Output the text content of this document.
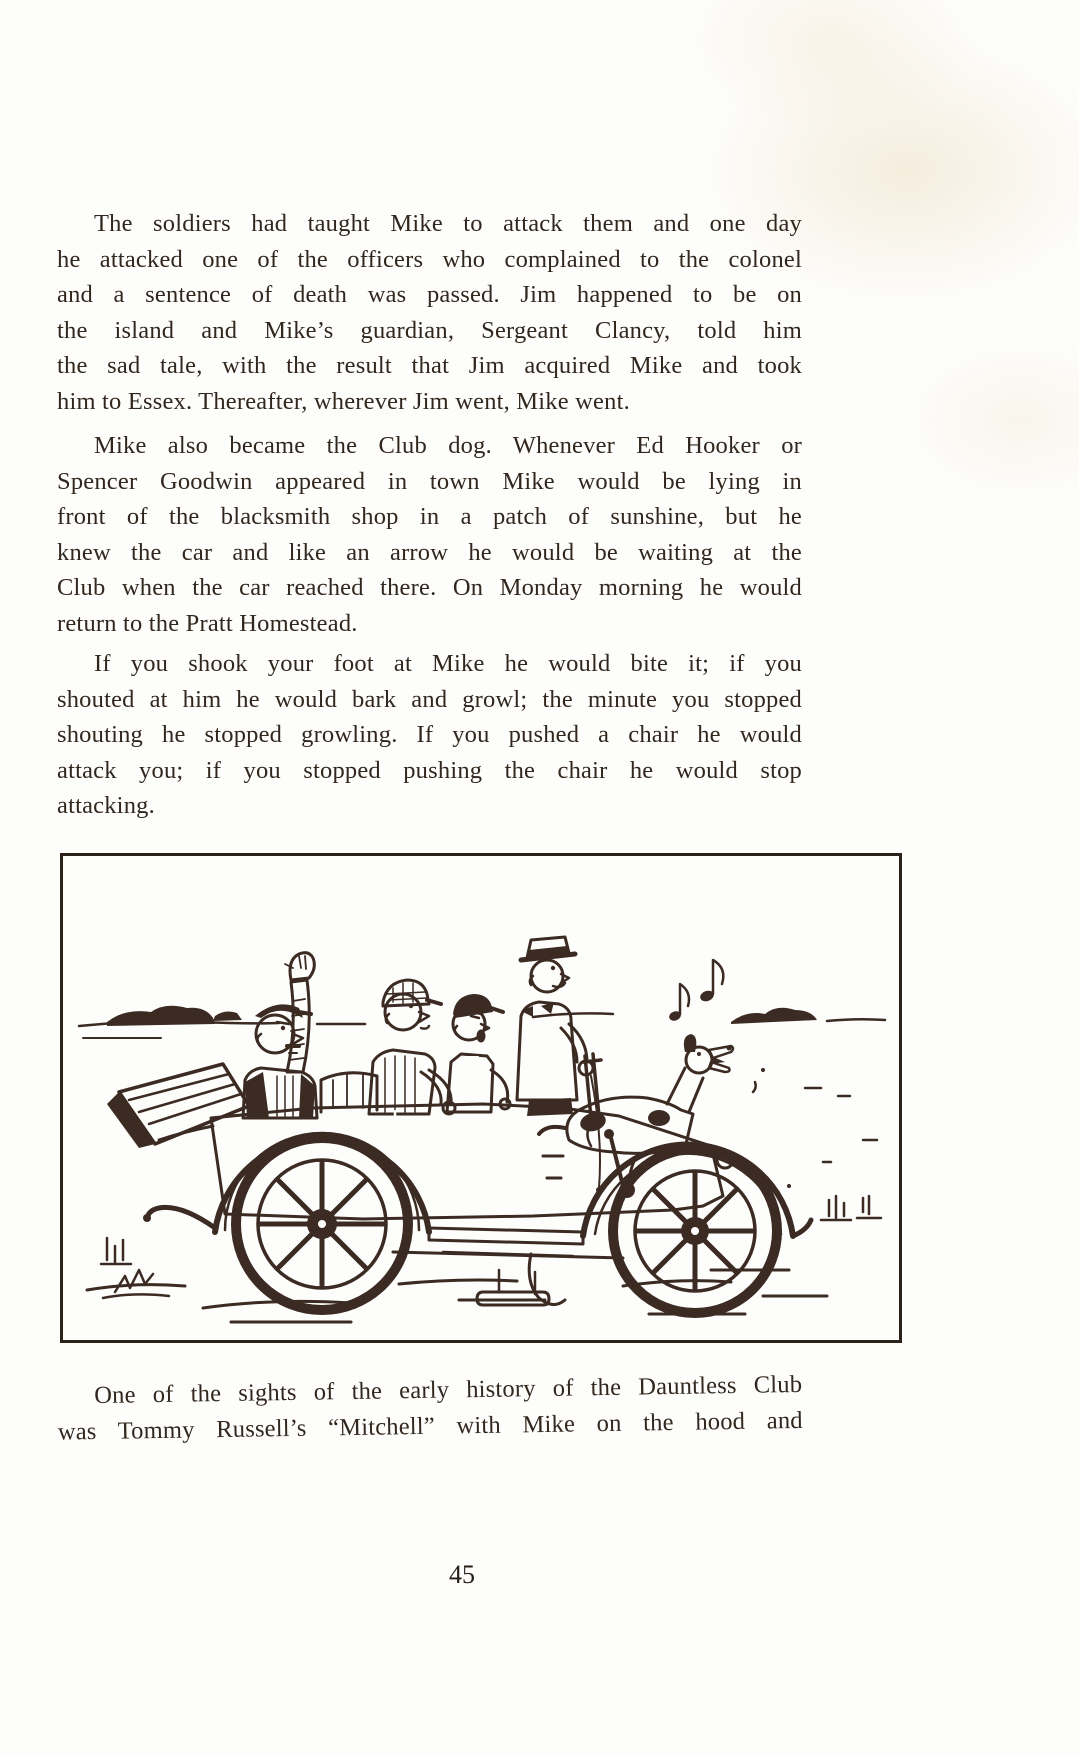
The soldiers had taught Mike to attack them and one day
he attacked one of the officers who complained to the colonel
and a sentence of death was passed. Jim happened to be on
the island and Mike’s guardian, Sergeant Clancy, told him
the sad tale, with the result that Jim acquired Mike and took
him to Essex. Thereafter, wherever Jim went, Mike went.
Mike also became the Club dog. Whenever Ed Hooker or
Spencer Goodwin appeared in town Mike would be lying in
front of the blacksmith shop in a patch of sunshine, but he
knew the car and like an arrow he would be waiting at the
Club when the car reached there. On Monday morning he would
return to the Pratt Homestead.
If you shook your foot at Mike he would bite it; if you
shouted at him he would bark and growl; the minute you stopped
shouting he stopped growling. If you pushed a chair he would
attack you; if you stopped pushing the chair he would stop
attacking.
One of the sights of the early history of the Dauntless Club
was Tommy Russell’s “Mitchell” with Mike on the hood and
45
